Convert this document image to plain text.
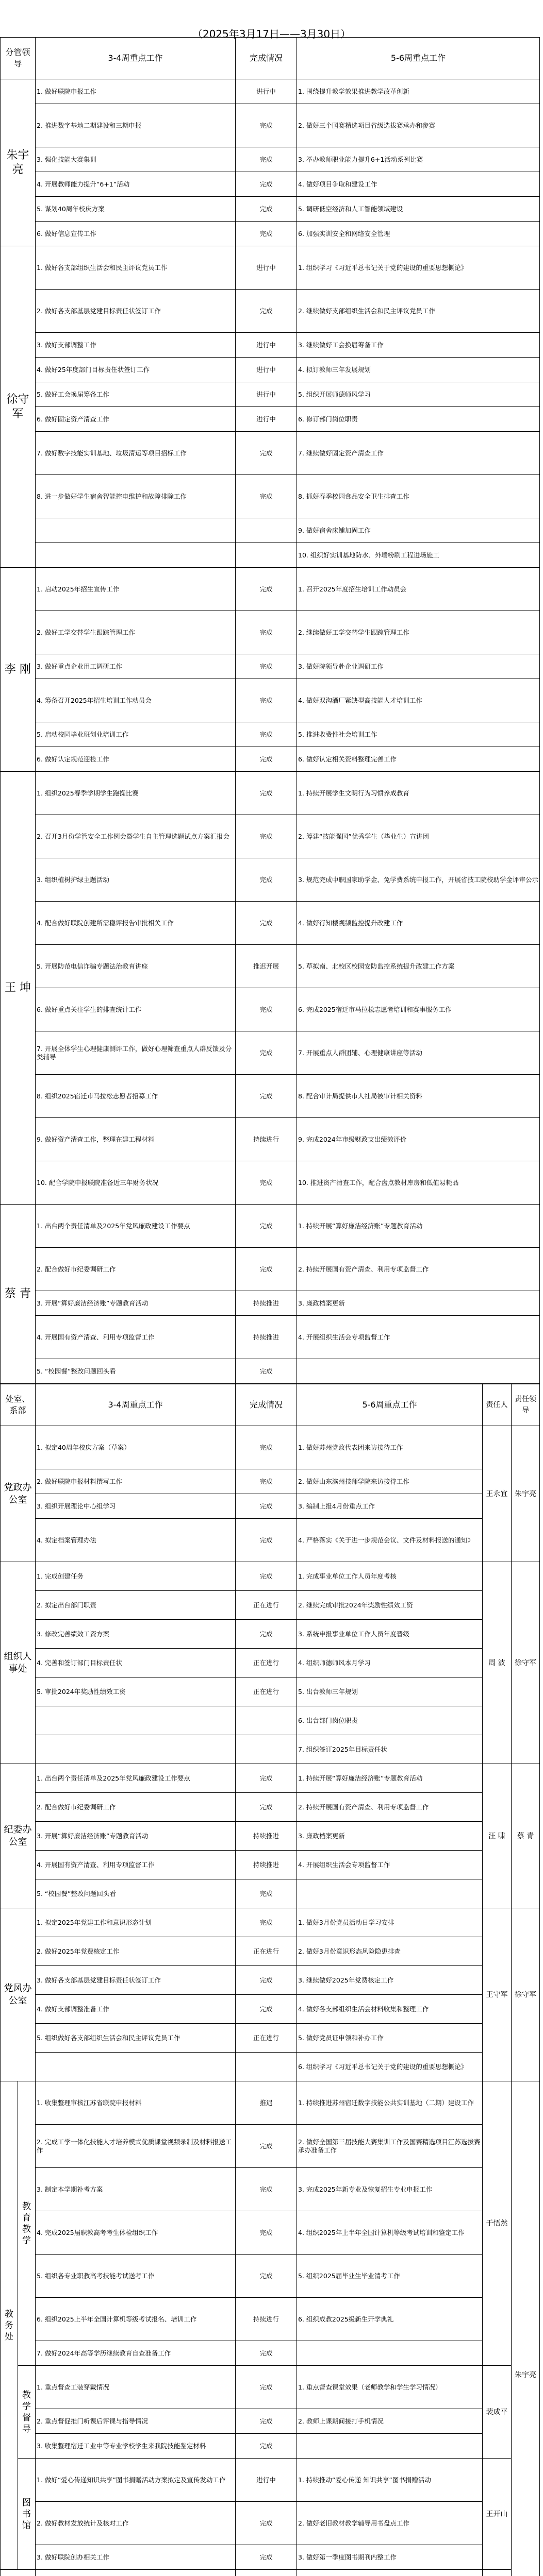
（2025年3月17日——3月30日）
分管领导	3-4周重点工作	完成情况	5-6周重点工作
朱宇亮	1. 做好联院申报工作	进行中	1. 围绕提升教学效果推进教学改革创新
	2. 推进数字基地二期建设和三期申报	完成	2. 做好三个国赛精选项目省级选拔赛承办和参赛
	3. 强化技能大赛集训	完成	3. 举办教师职业能力提升6+1活动系列比赛
	4. 开展教师能力提升“6+1”活动	完成	4. 做好项目争取和建设工作
	5. 谋划40周年校庆方案	完成	5. 调研低空经济和人工智能领域建设
	6. 做好信息宣传工作	完成	6. 加强实训安全和网络安全管理
徐守军	1. 做好各支部组织生活会和民主评议党员工作	进行中	1. 组织学习《习近平总书记关于党的建设的重要思想概论》
	2. 做好各支部基层党建目标责任状签订工作	完成	2. 继续做好支部组织生活会和民主评议党员工作
	3. 做好支部调整工作	进行中	3. 继续做好工会换届筹备工作
	4. 做好25年度部门目标责任状签订工作	进行中	4. 拟订教师三年发展规划
	5. 做好工会换届筹备工作	进行中	5. 组织开展师德师风学习
	6. 做好固定资产清查工作	进行中	6. 修订部门岗位职责
	7. 做好数字技能实训基地、垃圾清运等项目招标工作	完成	7. 继续做好固定资产清查工作
	8. 进一步做好学生宿舍智能控电维护和故障排除工作	完成	8. 抓好春季校园食品安全卫生排查工作
			9. 做好宿舍床铺加固工作
			10. 组织好实训基地防水、外墙粉刷工程进场施工
李 刚	1. 启动2025年招生宣传工作	完成	1. 召开2025年度招生培训工作动员会
	2. 做好工学交替学生跟踪管理工作	完成	2. 继续做好工学交替学生跟踪管理工作
	3. 做好重点企业用工调研工作	完成	3. 做好院领导赴企业调研工作
	4. 筹备召开2025年招生培训工作动员会	完成	4. 做好双沟酒厂紧缺型高技能人才培训工作
	5. 启动校园毕业班创业培训工作	完成	5. 推进收费性社会培训工作
	6. 做好认定规范迎检工作	完成	6. 做好认定相关资料整理完善工作
王 坤	1. 组织2025春季学期学生跑操比赛	完成	1. 持续开展学生文明行为习惯养成教育
	2. 召开3月份学管安全工作例会暨学生自主管理选题试点方案汇报会	完成	2. 筹建“技能强国”优秀学生（毕业生）宣讲团
	3. 组织植树护绿主题活动	完成	3. 规范完成中职国家助学金、免学费系统申报工作，开展省技工院校助学金评审公示
	4. 配合做好联院创建所需稳评报告审批相关工作	完成	4. 做好行知楼视频监控提升改建工作
	5. 开展防范电信诈骗专题法治教育讲座	推迟开展	5. 草拟南、北校区校园安防监控系统提升改建工作方案
	6. 做好重点关注学生的排查统计工作	完成	6. 完成2025宿迁市马拉松志愿者培训和赛事服务工作
	7. 开展全体学生心理健康测评工作，做好心理筛查重点人群反馈及分类辅导	完成	7. 开展重点人群团辅、心理健康讲座等活动
	8. 组织2025宿迁市马拉松志愿者招募工作	完成	8. 配合审计局提供市人社局被审计相关资料
	9. 做好资产清查工作，整理在建工程材料	持续进行	9. 完成2024年市级财政支出绩效评价
	10. 配合学院申报联院准备近三年财务状况	完成	10. 推进资产清查工作，配合盘点教材库房和低值易耗品
蔡 青	1. 出台两个责任清单及2025年党风廉政建设工作要点	完成	1. 持续开展“算好廉洁经济账”专题教育活动
	2. 配合做好市纪委调研工作	完成	2. 持续开展国有资产清查、利用专项监督工作
	3. 开展“算好廉洁经济账”专题教育活动	持续推进	3. 廉政档案更新
	4. 开展国有资产清查、利用专项监督工作	持续推进	4. 开展组织生活会专项监督工作
	5. “校园餐”整改问题回头看	完成	
处室、系部		3-4周重点工作	完成情况	5-6周重点工作	责任人	责任领导
党政办公室		1. 拟定40周年校庆方案（草案）	完成	1. 做好苏州党政代表团来访接待工作	王永宜	朱宇亮
		2. 做好联院申报材料撰写工作	完成	2. 做好山东滨州技师学院来访接待工作		
		3. 组织开展理论中心组学习	完成	3. 编制上报4月份重点工作		
		4. 拟定档案管理办法	完成	4. 严格落实《关于进一步规范会议、文件及材料报送的通知》		
组织人事处		1. 完成创建任务	完成	1. 完成事业单位工作人员年度考核	周 波	徐守军
		2. 拟定出台部门职责	正在进行	2. 继续完成审批2024年奖励性绩效工资		
		3. 修改完善绩效工资方案	完成	3. 系统申报事业单位工作人员年度晋级		
		4. 完善和签订部门目标责任状	正在进行	4. 组织师德师风本月学习		
		5. 审批2024年奖励性绩效工资	正在进行	5. 出台教师三年规划		
				6. 出台部门岗位职责		
				7. 组织签订2025年目标责任状		
纪委办公室		1. 出台两个责任清单及2025年党风廉政建设工作要点	完成	1. 持续开展“算好廉洁经济账”专题教育活动	汪 啸	蔡 青
		2. 配合做好市纪委调研工作	完成	2. 持续开展国有资产清查、利用专项监督工作		
		3. 开展“算好廉洁经济账”专题教育活动	持续推进	3. 廉政档案更新		
		4. 开展国有资产清查、利用专项监督工作	持续推进	4. 开展组织生活会专项监督工作		
		5. “校园餐”整改问题回头看	完成			
党风办公室		1. 拟定2025年党建工作和意识形态计划	完成	1. 做好3月份党员活动日学习安排	王守军	徐守军
		2. 做好2025年党费核定工作	正在进行	2. 做好3月份意识形态风险隐患排查		
		3. 做好各支部基层党建目标责任状签订工作	完成	3. 继续做好2025年党费核定工作		
		4. 做好支部调整准备工作	完成	4. 做好各支部组织生活会材料收集和整理工作		
		5. 组织做好各支部组织生活会和民主评议党员工作	正在进行	5. 做好党员证申领和补办工作		
				6. 组织学习《习近平总书记关于党的建设的重要思想概论》		
教务处	教育教学	1. 收集整理审核江苏省联院申报材料	推迟	1. 持续推进苏州宿迁数字技能公共实训基地（二期）建设工作	于悟然	朱宇亮
		2. 完成工学一体化技能人才培养模式优质课堂视频录制及材料报送工作	完成	2. 做好全国第三届技能大赛集训工作及国赛精选项目江苏选拔赛承办准备工作		
		3. 制定本学期补考方案	完成	3. 完成2025年新专业及恢复招生专业申报工作		
		4. 完成2025届职教高考考生体检组织工作	完成	4. 组织2025年上半年全国计算机等级考试培训和鉴定工作		
		5. 组织各专业职教高考技能考试送考工作	完成	5. 组织2025届毕业生毕业清考工作		
		6. 组织2025上半年全国计算机等级考试报名、培训工作	持续进行	6. 组织成教2025级新生开学典礼		
		7. 做好2024年高等学历继续教育自查准备工作	完成			
	教学督导	1. 重点督查工装穿戴情况	完成	1. 重点督查课堂效果（老师教学和学生学习情况）	裴成平	
		2. 重点督促推门听课后评课与指导情况	完成	2. 教师上课期间接打手机情况		
		3. 收集整理宿迁工业中等专业学校学生来我院技能鉴定材料	完成			
	图书馆	1. 做好“爱心传递知识共享”图书捐赠活动方案拟定及宣传发动工作	进行中	1. 持续推动“爱心传递 知识共享”图书捐赠活动	王开山	
		2. 做好教材发放统计及核对工作	完成	2. 做好老旧教材教学辅导用书盘点工作		
		3. 做好联院创办相关工作	完成	3. 做好第一季度图书期刊内整工作		
